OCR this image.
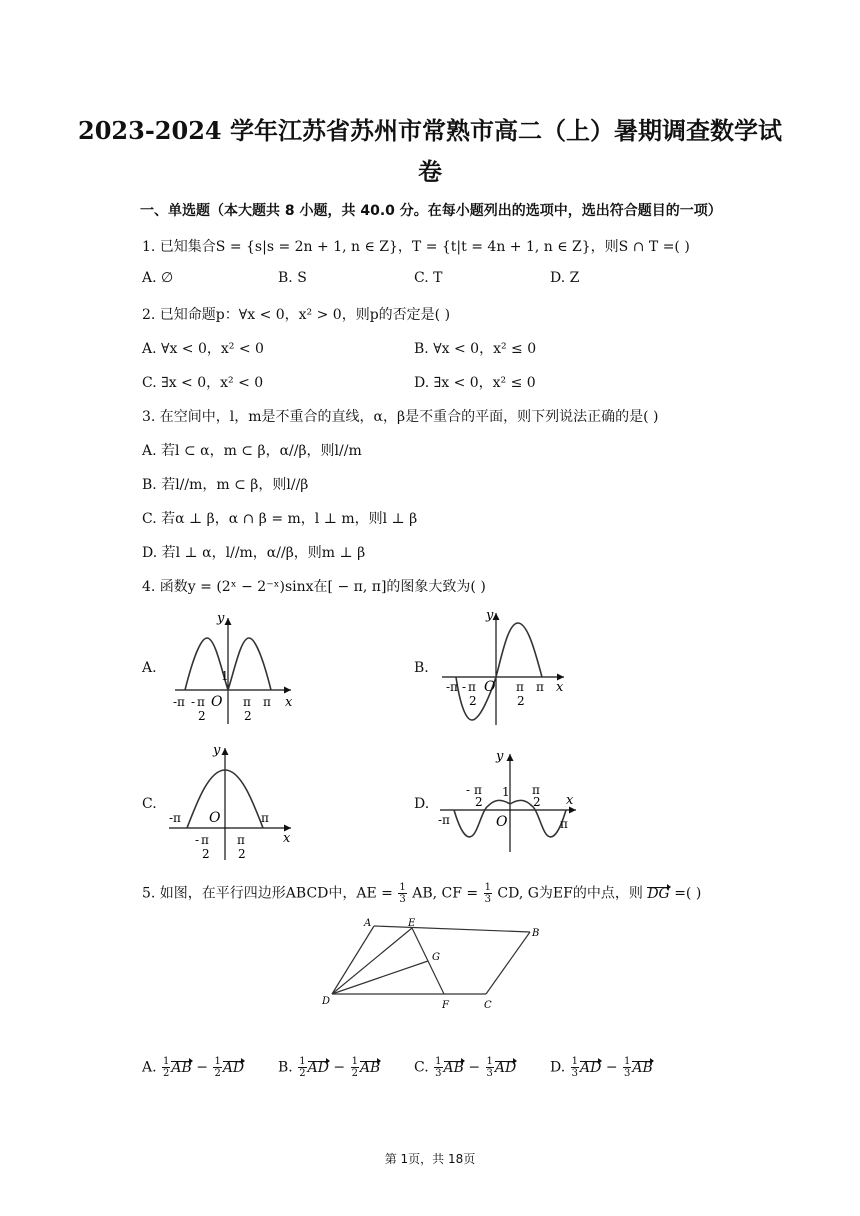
2023-2024 学年江苏省苏州市常熟市高二（上）暑期调查数学试
卷
一、单选题（本大题共 8 小题，共 40.0 分。在每小题列出的选项中，选出符合题目的一项）
1. 已知集合S = {s|s = 2n + 1, n ∈ Z}，T = {t|t = 4n + 1, n ∈ Z}，则S ∩ T =( )
A. ∅	B. S	C. T	D. Z
2. 已知命题p：∀x < 0，x² > 0，则p的否定是( )
A. ∀x < 0，x² < 0	B. ∀x < 0，x² ≤ 0
C. ∃x < 0，x² < 0	D. ∃x < 0，x² ≤ 0
3. 在空间中，l，m是不重合的直线，α，β是不重合的平面，则下列说法正确的是( )
A. 若l ⊂ α，m ⊂ β，α//β，则l//m
B. 若l//m，m ⊂ β，则l//β
C. 若α ⊥ β，α ∩ β = m，l ⊥ m，则l ⊥ β
D. 若l ⊥ α，l//m，α//β，则m ⊥ β
4. 函数y = (2ˣ − 2⁻ˣ)sinx在[ − π, π]的图象大致为( )
A.	B.
C.	D.
y
x
O
1
-π - π
2
π
2
π
y
x
O
-π - π
2
π
2
π
y
x
O
-π	π
- π
2
π
2
y
x
O
1
-π	π
- π
2
π
2
5. 如图，在平行四边形ABCD中，AE = $\frac{1}{3}$ AB, CF = $\frac{1}{3}$ CD, G为EF的中点，则 DG =( )
A	E
B
G
D	F	C
A. $\frac{1}{2}$ AB − $\frac{1}{2}$ AD B. $\frac{1}{2}$ AD − $\frac{1}{2}$ AB C. $\frac{1}{3}$ AB − $\frac{1}{3}$ AD D. $\frac{1}{3}$ AD − $\frac{1}{3}$ AB
第 1页，共 18页
